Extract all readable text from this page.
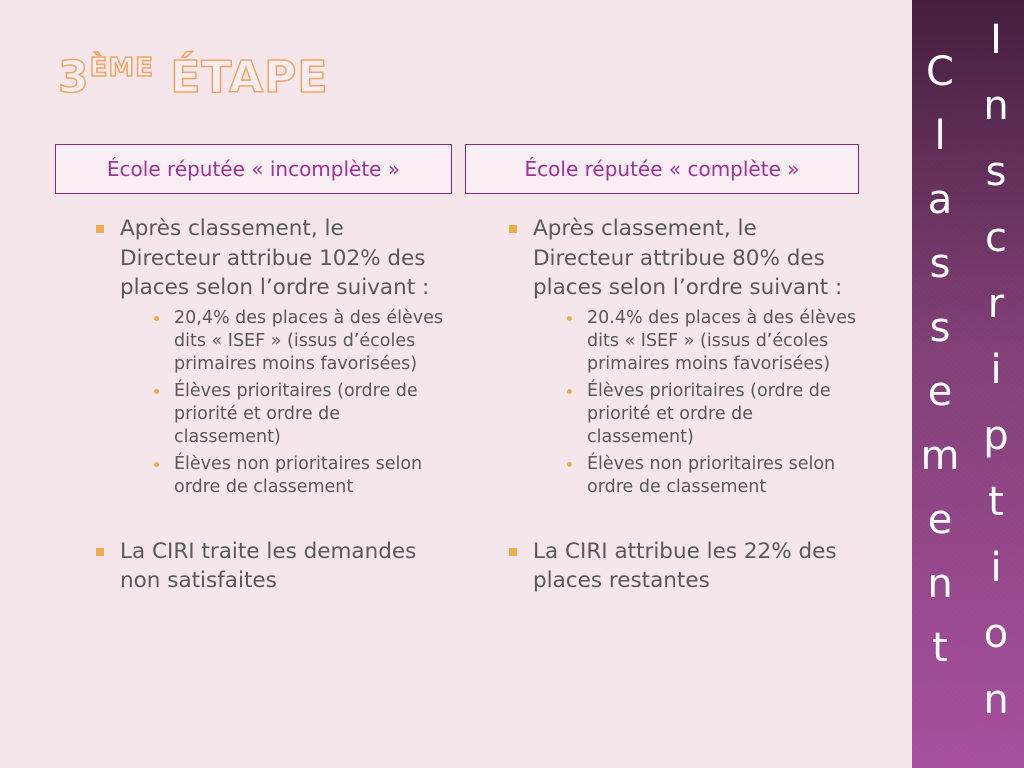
3ÈME ÉTAPE
École réputée « incomplète »	École réputée « complète »
Après classement, le Directeur attribue 102% des places selon l’ordre suivant :
20,4% des places à des élèves dits « ISEF » (issus d’écoles primaires moins favorisées)
Élèves prioritaires (ordre de priorité et ordre de classement)
Élèves non prioritaires selon ordre de classement
La CIRI traite les demandes non satisfaites
Après classement, le Directeur attribue 80% des places selon l’ordre suivant :
20.4% des places à des élèves dits « ISEF » (issus d’écoles primaires moins favorisées)
Élèves prioritaires (ordre de priorité et ordre de classement)
Élèves non prioritaires selon ordre de classement
La CIRI attribue les 22% des places restantes
C
l
a
s
s
e
m
e
n
t
I
n
s
c
r
i
p
t
i
o
n
